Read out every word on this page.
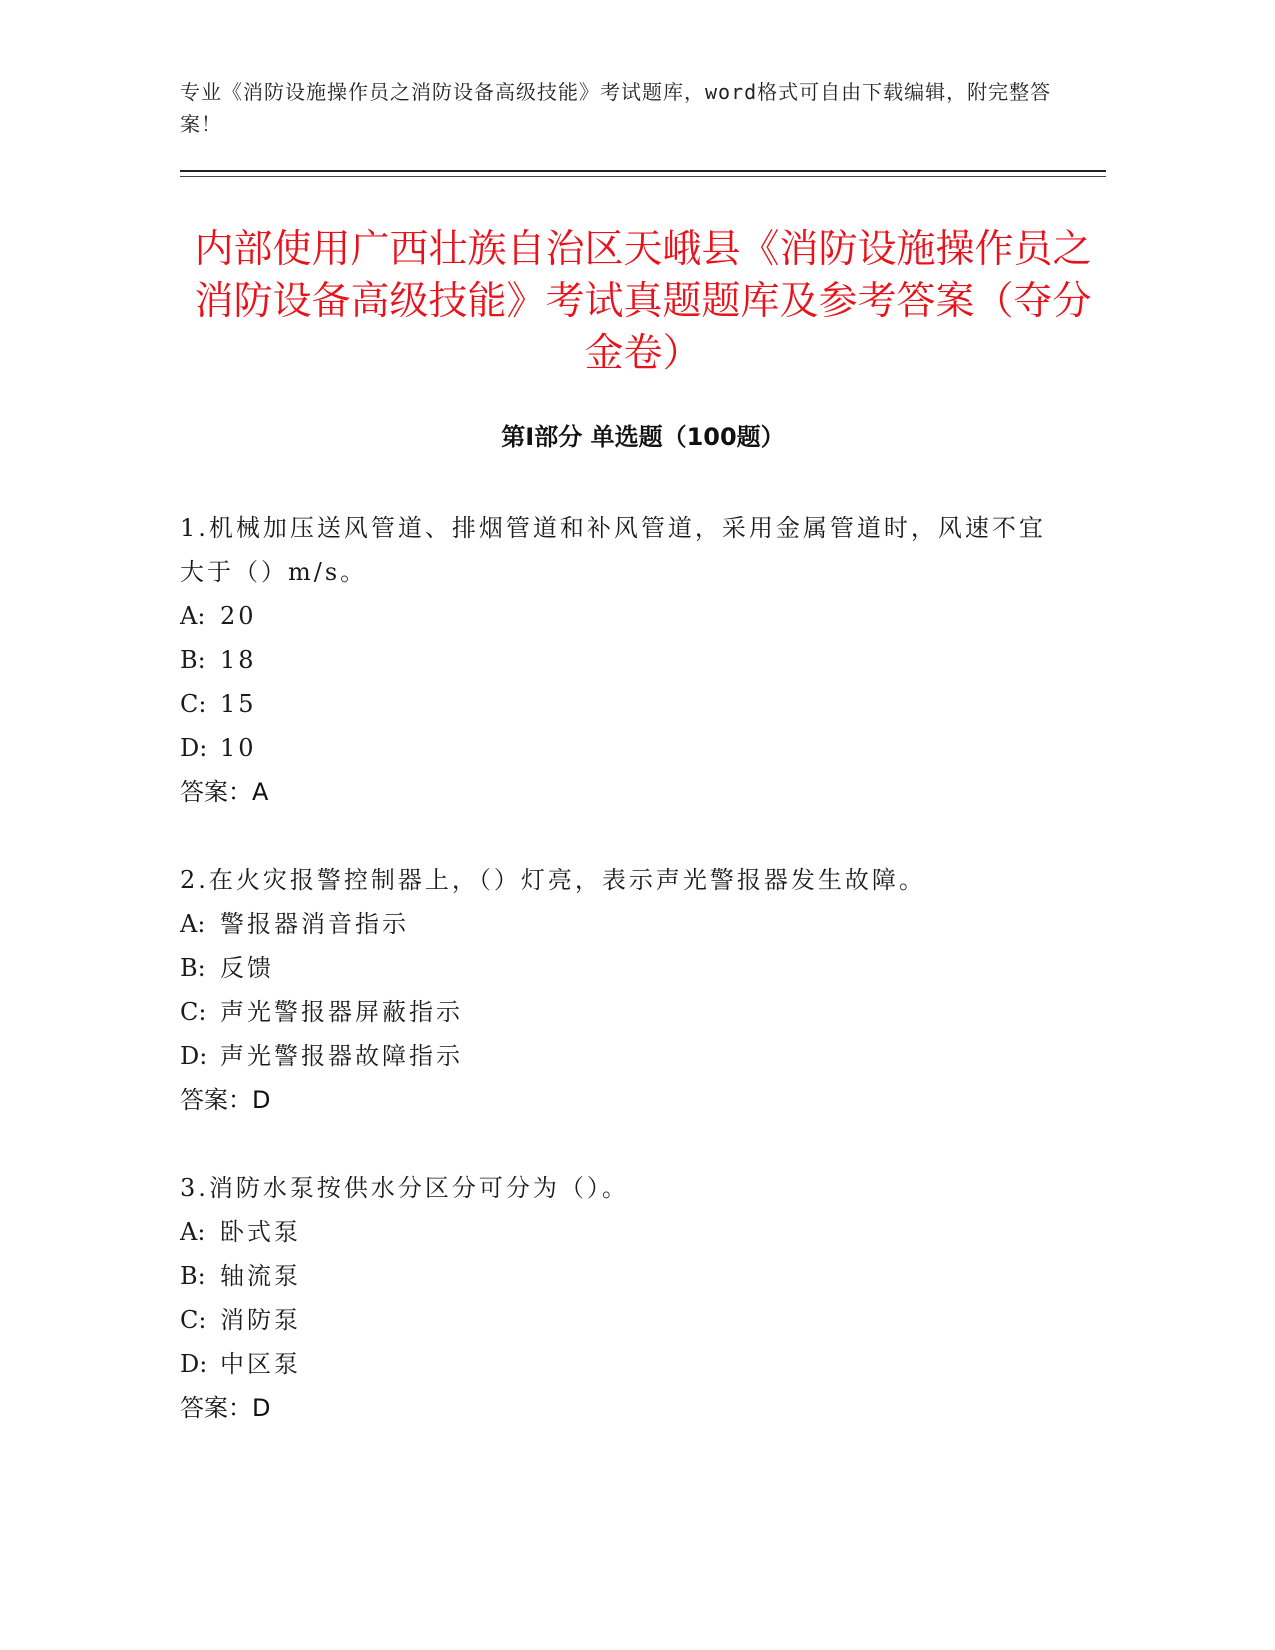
专业《消防设施操作员之消防设备高级技能》考试题库，word格式可自由下载编辑，附完整答案！
内部使用广西壮族自治区天峨县《消防设施操作员之消防设备高级技能》考试真题题库及参考答案（夺分金卷）
第Ⅰ部分 单选题（100题）

1.机械加压送风管道、排烟管道和补风管道，采用金属管道时，风速不宜大于（）m/s。

A: 20
B: 18
C: 15
D: 10
答案：A

2.在火灾报警控制器上，（）灯亮，表示声光警报器发生故障。

A: 警报器消音指示
B: 反馈
C: 声光警报器屏蔽指示
D: 声光警报器故障指示
答案：D

3.消防水泵按供水分区分可分为（）。

A: 卧式泵
B: 轴流泵
C: 消防泵
D: 中区泵
答案：D
